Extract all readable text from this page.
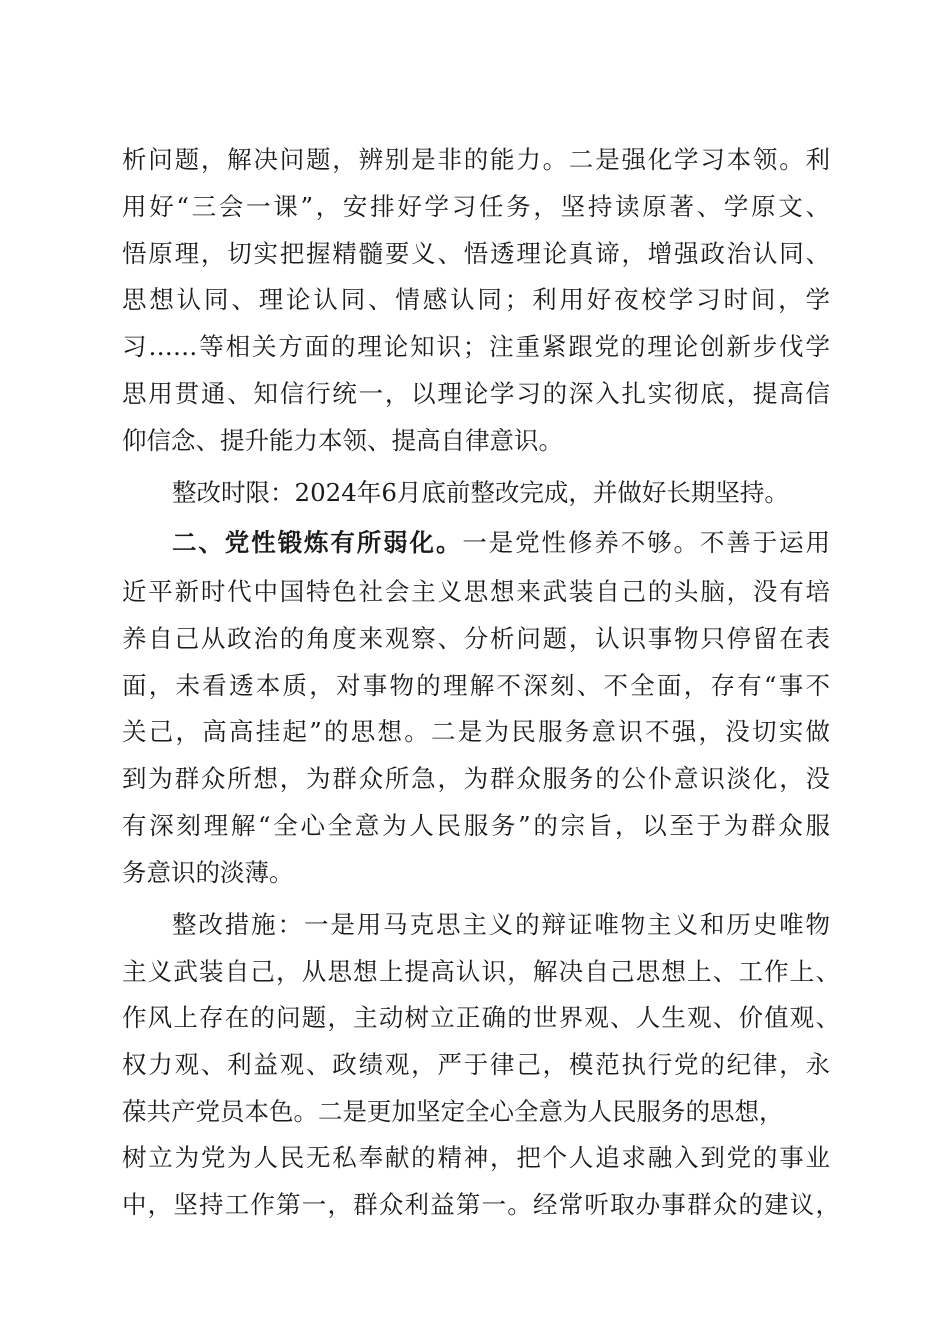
析问题，解决问题，辨别是非的能力。二是强化学习本领。利
用好“三会一课”，安排好学习任务，坚持读原著、学原文、
悟原理，切实把握精髓要义、悟透理论真谛，增强政治认同、
思想认同、理论认同、情感认同；利用好夜校学习时间，学
习……等相关方面的理论知识；注重紧跟党的理论创新步伐学
思用贯通、知信行统一，以理论学习的深入扎实彻底，提高信
仰信念、提升能力本领、提高自律意识。
整改时限：2024年6月底前整改完成，并做好长期坚持。
二、党性锻炼有所弱化。一是党性修养不够。不善于运用
近平新时代中国特色社会主义思想来武装自己的头脑，没有培
养自己从政治的角度来观察、分析问题，认识事物只停留在表
面，未看透本质，对事物的理解不深刻、不全面，存有“事不
关己，高高挂起”的思想。二是为民服务意识不强，没切实做
到为群众所想，为群众所急，为群众服务的公仆意识淡化，没
有深刻理解“全心全意为人民服务”的宗旨，以至于为群众服
务意识的淡薄。
整改措施：一是用马克思主义的辩证唯物主义和历史唯物
主义武装自己，从思想上提高认识，解决自己思想上、工作上、
作风上存在的问题，主动树立正确的世界观、人生观、价值观、
权力观、利益观、政绩观，严于律己，模范执行党的纪律，永
葆共产党员本色。二是更加坚定全心全意为人民服务的思想，
树立为党为人民无私奉献的精神，把个人追求融入到党的事业
中，坚持工作第一，群众利益第一。经常听取办事群众的建议，
